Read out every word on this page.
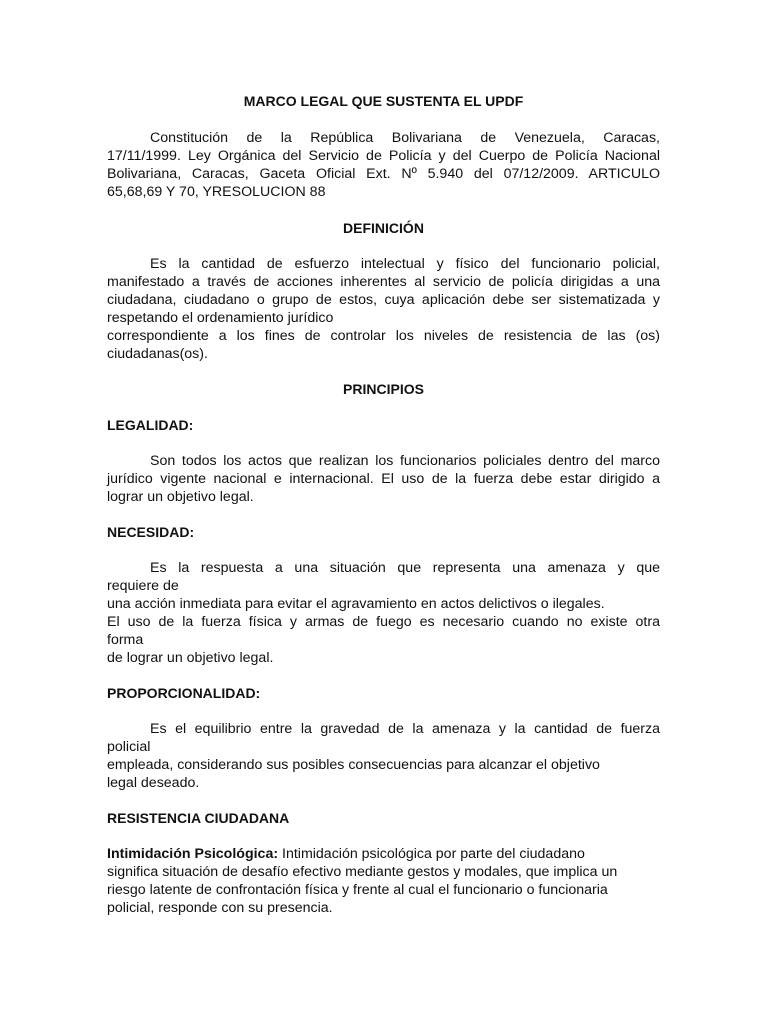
MARCO LEGAL QUE SUSTENTA EL UPDF
Constitución de la República Bolivariana de Venezuela, Caracas,
17/11/1999. Ley Orgánica del Servicio de Policía y del Cuerpo de Policía Nacional
Bolivariana, Caracas, Gaceta Oficial Ext. Nº 5.940 del 07/12/2009. ARTICULO
65,68,69 Y 70, YRESOLUCION 88
DEFINICIÓN
Es la cantidad de esfuerzo intelectual y físico del funcionario policial,
manifestado a través de acciones inherentes al servicio de policía dirigidas a una
ciudadana, ciudadano o grupo de estos, cuya aplicación debe ser sistematizada y
respetando el ordenamiento jurídico
correspondiente a los fines de controlar los niveles de resistencia de las (os)
ciudadanas(os).
PRINCIPIOS
LEGALIDAD:
Son todos los actos que realizan los funcionarios policiales dentro del marco
jurídico vigente nacional e internacional. El uso de la fuerza debe estar dirigido a
lograr un objetivo legal.
NECESIDAD:
Es la respuesta a una situación que representa una amenaza y que
requiere de
una acción inmediata para evitar el agravamiento en actos delictivos o ilegales.
El uso de la fuerza física y armas de fuego es necesario cuando no existe otra
forma
de lograr un objetivo legal.
PROPORCIONALIDAD:
Es el equilibrio entre la gravedad de la amenaza y la cantidad de fuerza
policial
empleada, considerando sus posibles consecuencias para alcanzar el objetivo
legal deseado.
RESISTENCIA CIUDADANA
Intimidación Psicológica: Intimidación psicológica por parte del ciudadano
significa situación de desafío efectivo mediante gestos y modales, que implica un
riesgo latente de confrontación física y frente al cual el funcionario o funcionaria
policial, responde con su presencia.
